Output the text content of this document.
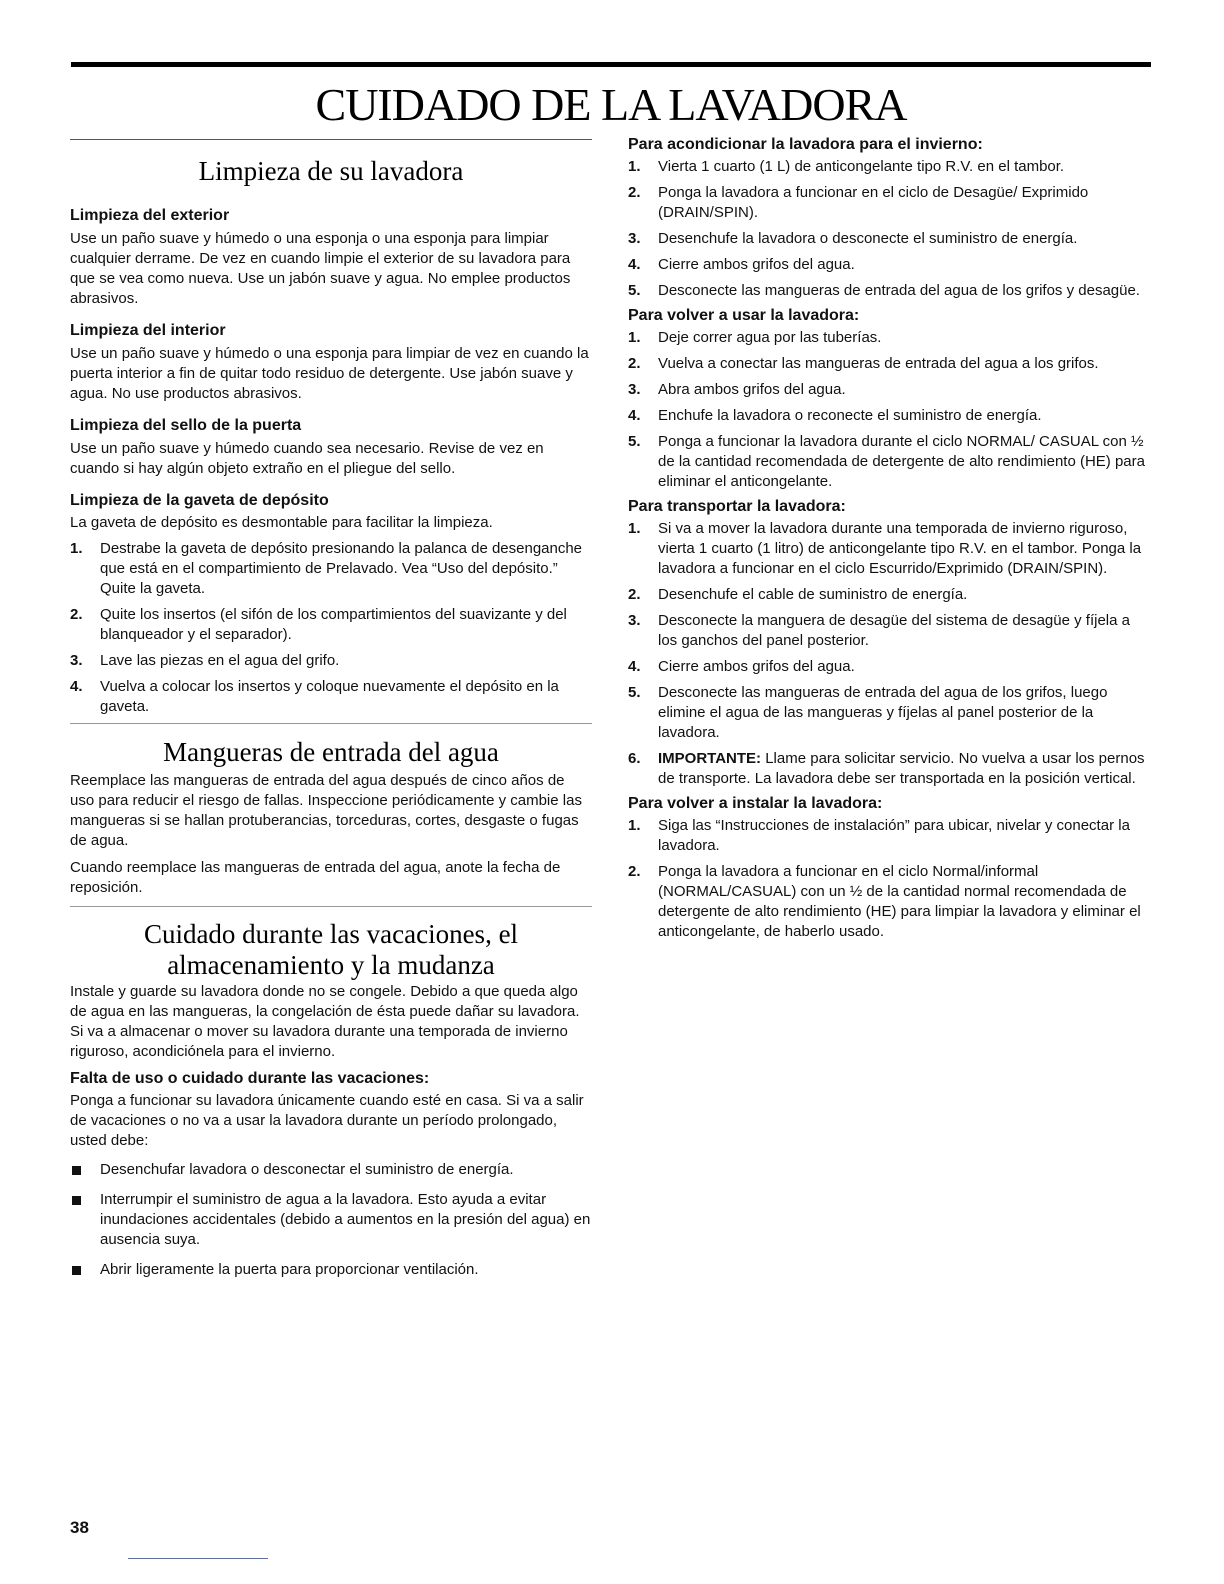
CUIDADO DE LA LAVADORA
Limpieza de su lavadora
Limpieza del exterior

Use un paño suave y húmedo o una esponja o una esponja para limpiar cualquier derrame. De vez en cuando limpie el exterior de su lavadora para que se vea como nueva. Use un jabón suave y agua. No emplee productos abrasivos.

Limpieza del interior

Use un paño suave y húmedo o una esponja para limpiar de vez en cuando la puerta interior a fin de quitar todo residuo de detergente. Use jabón suave y agua. No use productos abrasivos.

Limpieza del sello de la puerta

Use un paño suave y húmedo cuando sea necesario. Revise de vez en cuando si hay algún objeto extraño en el pliegue del sello.

Limpieza de la gaveta de depósito

La gaveta de depósito es desmontable para facilitar la limpieza.

1. Destrabe la gaveta de depósito presionando la palanca de desenganche que está en el compartimiento de Prelavado. Vea “Uso del depósito.” Quite la gaveta.
2. Quite los insertos (el sifón de los compartimientos del suavizante y del blanqueador y el separador).
3. Lave las piezas en el agua del grifo.
4. Vuelva a colocar los insertos y coloque nuevamente el depósito en la gaveta.
Mangueras de entrada del agua

Reemplace las mangueras de entrada del agua después de cinco años de uso para reducir el riesgo de fallas. Inspeccione periódicamente y cambie las mangueras si se hallan protuberancias, torceduras, cortes, desgaste o fugas de agua.

Cuando reemplace las mangueras de entrada del agua, anote la fecha de reposición.

Cuidado durante las vacaciones, el
almacenamiento y la mudanza

Instale y guarde su lavadora donde no se congele. Debido a que queda algo de agua en las mangueras, la congelación de ésta puede dañar su lavadora. Si va a almacenar o mover su lavadora durante una temporada de invierno riguroso, acondiciónela para el invierno.

Falta de uso o cuidado durante las vacaciones:

Ponga a funcionar su lavadora únicamente cuando esté en casa. Si va a salir de vacaciones o no va a usar la lavadora durante un período prolongado, usted debe:

Desenchufar lavadora o desconectar el suministro de energía.
Interrumpir el suministro de agua a la lavadora. Esto ayuda a evitar inundaciones accidentales (debido a aumentos en la presión del agua) en ausencia suya.
Abrir ligeramente la puerta para proporcionar ventilación.
Para acondicionar la lavadora para el invierno:
1. Vierta 1 cuarto (1 L) de anticongelante tipo R.V. en el tambor.
2. Ponga la lavadora a funcionar en el ciclo de Desagüe/ Exprimido (DRAIN/SPIN).
3. Desenchufe la lavadora o desconecte el suministro de energía.
4. Cierre ambos grifos del agua.
5. Desconecte las mangueras de entrada del agua de los grifos y desagüe.
Para volver a usar la lavadora:
1. Deje correr agua por las tuberías.
2. Vuelva a conectar las mangueras de entrada del agua a los grifos.
3. Abra ambos grifos del agua.
4. Enchufe la lavadora o reconecte el suministro de energía.
5. Ponga a funcionar la lavadora durante el ciclo NORMAL/ CASUAL con ½ de la cantidad recomendada de detergente de alto rendimiento (HE) para eliminar el anticongelante.
Para transportar la lavadora:
1. Si va a mover la lavadora durante una temporada de invierno riguroso, vierta 1 cuarto (1 litro) de anticongelante tipo R.V. en el tambor. Ponga la lavadora a funcionar en el ciclo Escurrido/Exprimido (DRAIN/SPIN).
2. Desenchufe el cable de suministro de energía.
3. Desconecte la manguera de desagüe del sistema de desagüe y fíjela a los ganchos del panel posterior.
4. Cierre ambos grifos del agua.
5. Desconecte las mangueras de entrada del agua de los grifos, luego elimine el agua de las mangueras y fíjelas al panel posterior de la lavadora.
6. IMPORTANTE: Llame para solicitar servicio. No vuelva a usar los pernos de transporte. La lavadora debe ser transportada en la posición vertical.
Para volver a instalar la lavadora:
1. Siga las “Instrucciones de instalación” para ubicar, nivelar y conectar la lavadora.
2. Ponga la lavadora a funcionar en el ciclo Normal/informal (NORMAL/CASUAL) con un ½ de la cantidad normal recomendada de detergente de alto rendimiento (HE) para limpiar la lavadora y eliminar el anticongelante, de haberlo usado.
38
